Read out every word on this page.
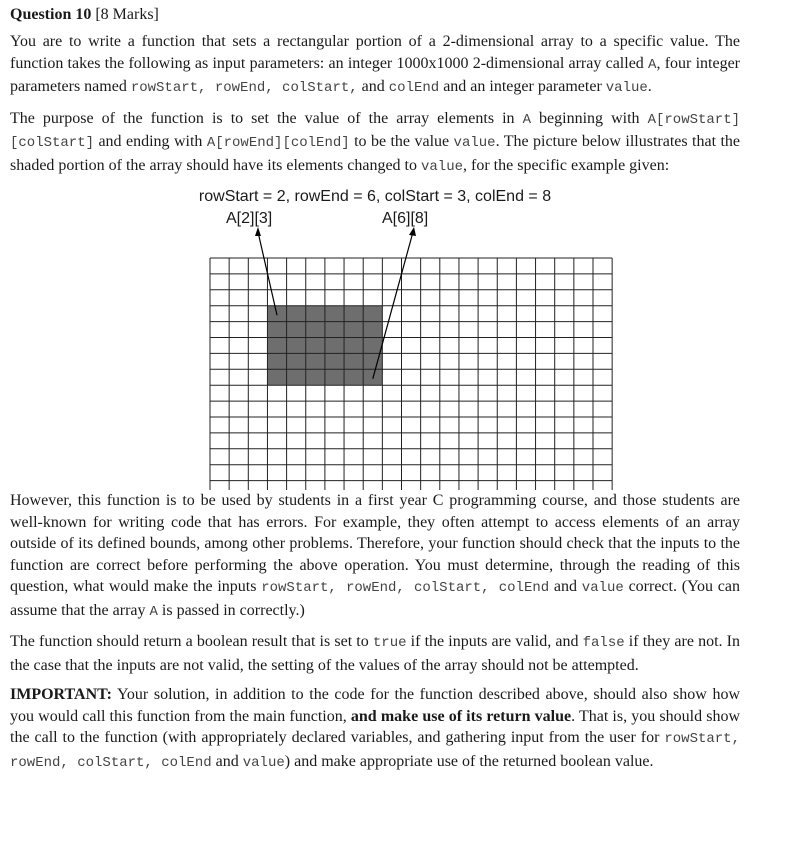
Question 10 [8 Marks]

You are to write a function that sets a rectangular portion of a 2-dimensional array to a specific value. The function takes the following as input parameters: an integer 1000x1000 2-dimensional array called A, four integer parameters named rowStart, rowEnd, colStart, and colEnd and an integer parameter value.

The purpose of the function is to set the value of the array elements in A beginning with A[rowStart][colStart] and ending with A[rowEnd][colEnd] to be the value value. The picture below illustrates that the shaded portion of the array should have its elements changed to value, for the specific example given:

rowStart = 2, rowEnd = 6, colStart = 3, colEnd = 8
A[2][3]	A[6][8]

However, this function is to be used by students in a first year C programming course, and those students are well-known for writing code that has errors. For example, they often attempt to access elements of an array outside of its defined bounds, among other problems. Therefore, your function should check that the inputs to the function are correct before performing the above operation. You must determine, through the reading of this question, what would make the inputs rowStart, rowEnd, colStart, colEnd and value correct. (You can assume that the array A is passed in correctly.)

The function should return a boolean result that is set to true if the inputs are valid, and false if they are not. In the case that the inputs are not valid, the setting of the values of the array should not be attempted.

IMPORTANT: Your solution, in addition to the code for the function described above, should also show how you would call this function from the main function, and make use of its return value. That is, you should show the call to the function (with appropriately declared variables, and gathering input from the user for rowStart, rowEnd, colStart, colEnd and value) and make appropriate use of the returned boolean value.
